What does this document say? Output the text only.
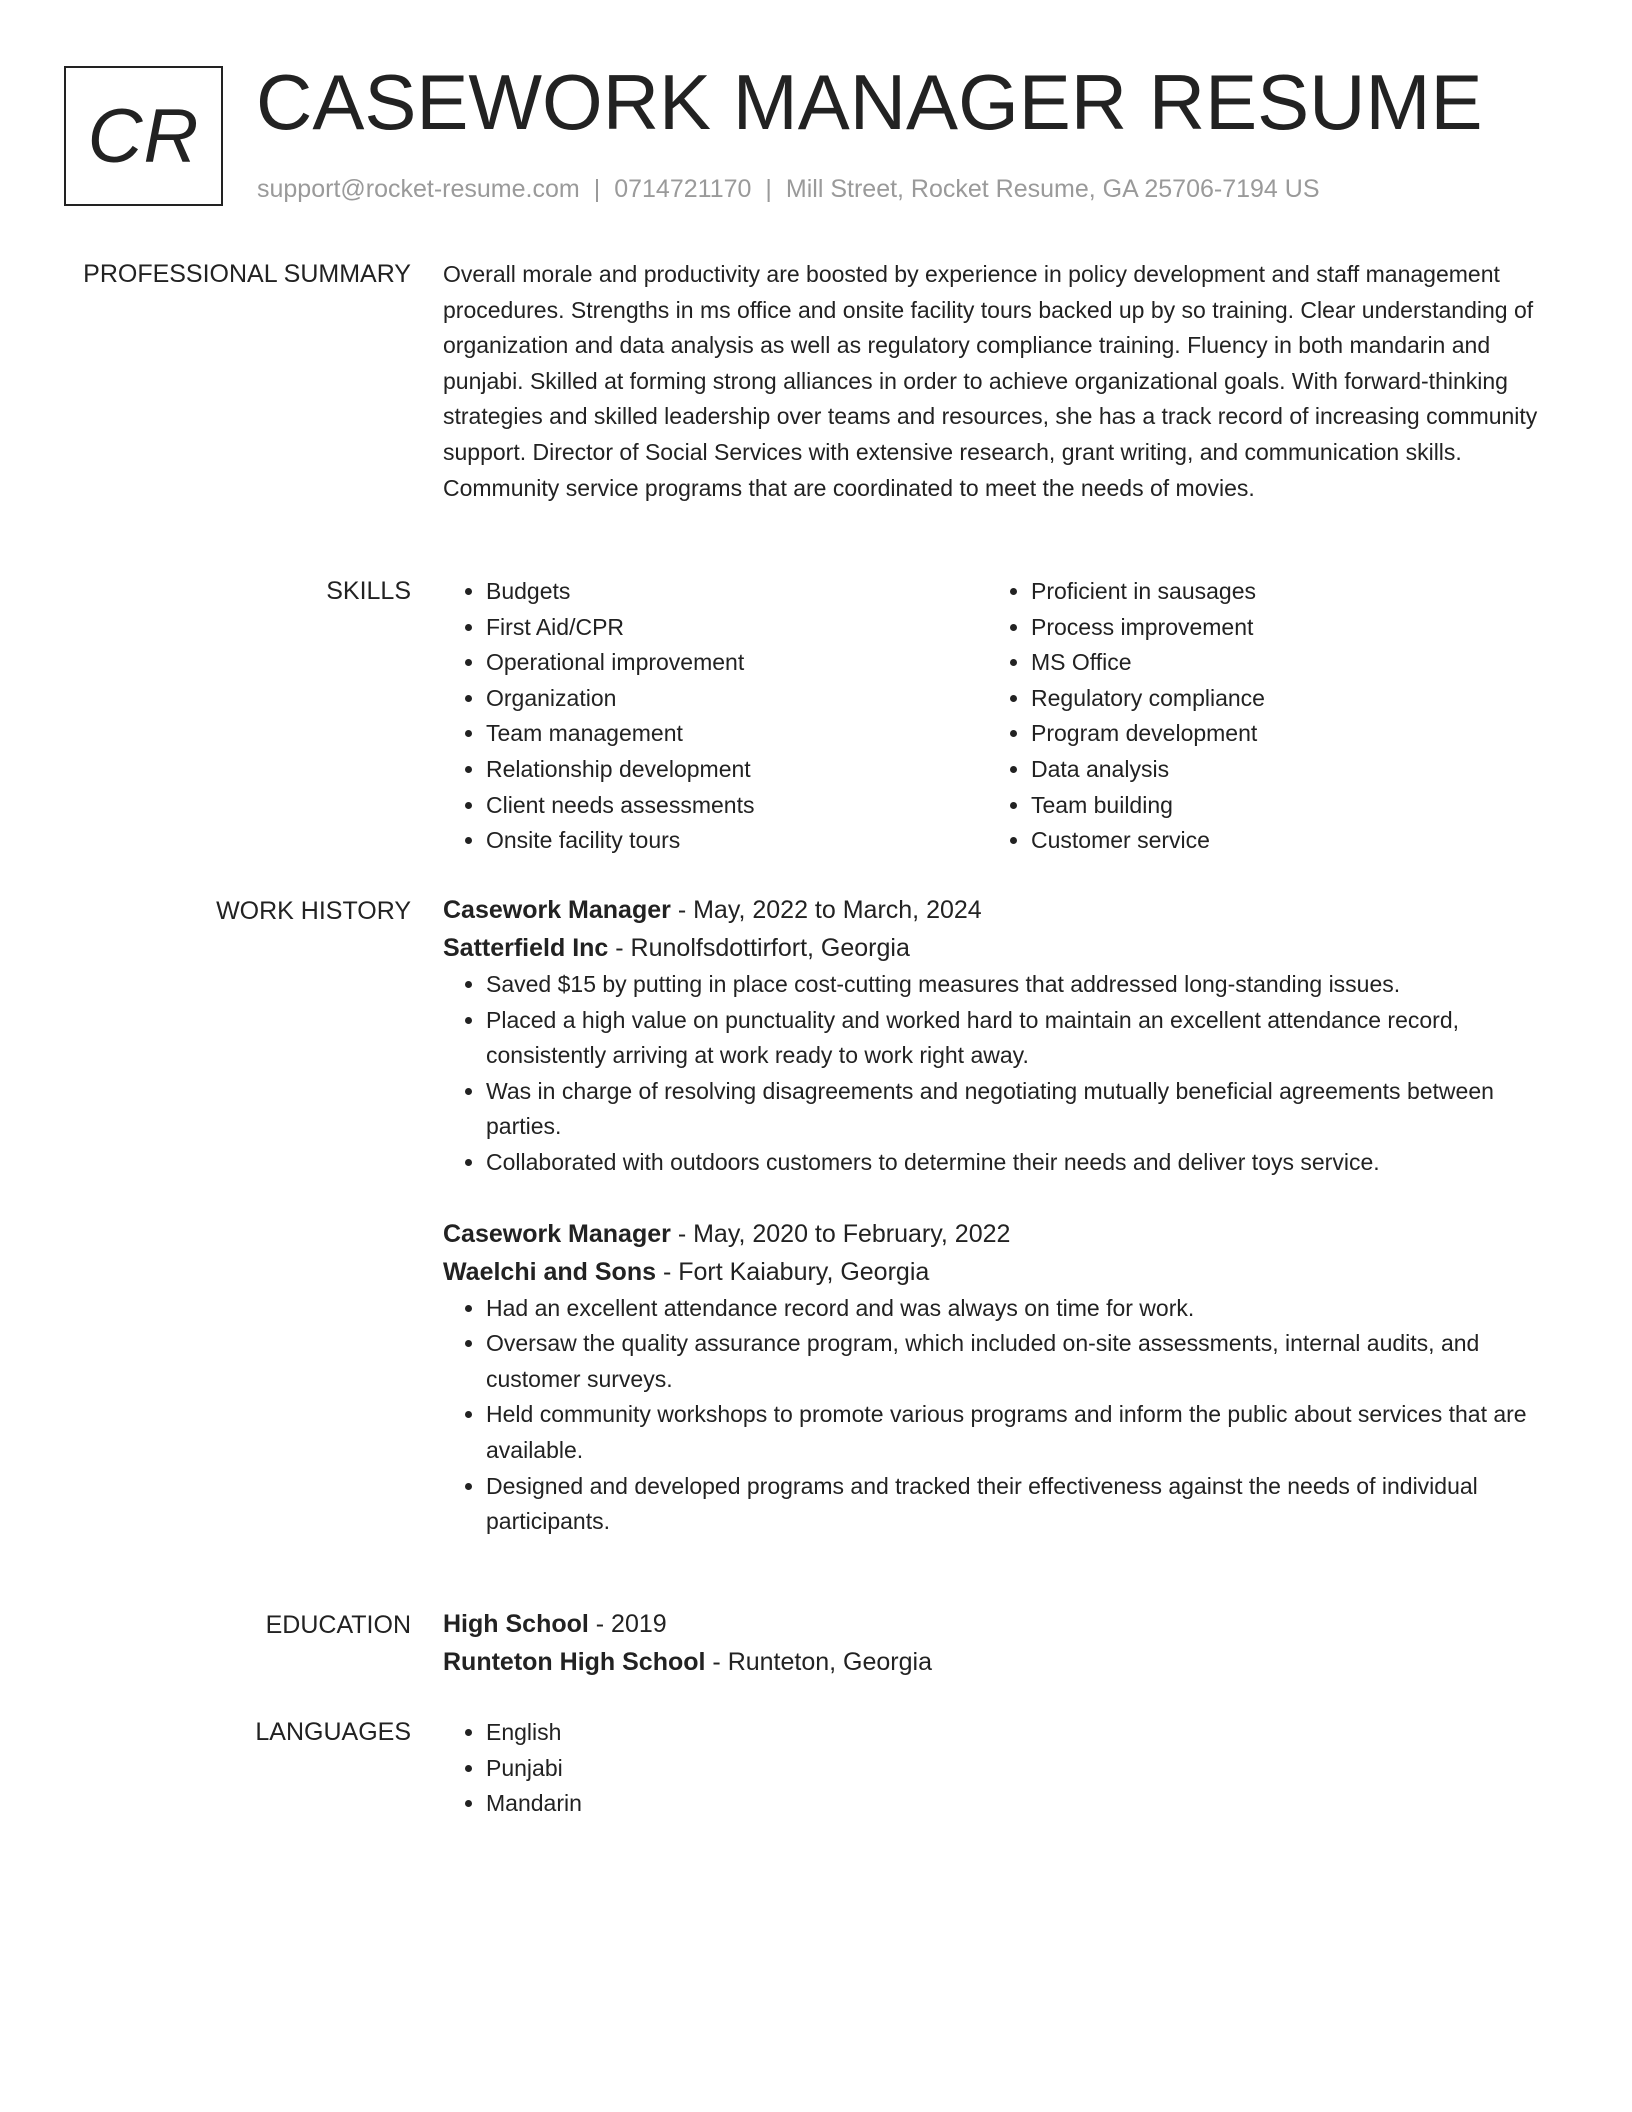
CR CASEWORK MANAGER RESUME
support@rocket-resume.com | 0714721170 | Mill Street, Rocket Resume, GA 25706-7194 US
PROFESSIONAL SUMMARY Overall morale and productivity are boosted by experience in policy development and staff management procedures. Strengths in ms office and onsite facility tours backed up by so training. Clear understanding of organization and data analysis as well as regulatory compliance training. Fluency in both mandarin and punjabi. Skilled at forming strong alliances in order to achieve organizational goals. With forward-thinking strategies and skilled leadership over teams and resources, she has a track record of increasing community support. Director of Social Services with extensive research, grant writing, and communication skills. Community service programs that are coordinated to meet the needs of movies.

SKILLS	• Budgets
• First Aid/CPR
• Operational improvement
• Organization
• Team management
• Relationship development
• Client needs assessments
• Onsite facility tours
• Proficient in sausages
• Process improvement
• MS Office
• Regulatory compliance
• Program development
• Data analysis
• Team building
• Customer service
WORK HISTORY Casework Manager - May, 2022 to March, 2024
Satterfield Inc - Runolfsdottirfort, Georgia
• Saved $15 by putting in place cost-cutting measures that addressed long-standing issues.
• Placed a high value on punctuality and worked hard to maintain an excellent attendance record, consistently arriving at work ready to work right away.
• Was in charge of resolving disagreements and negotiating mutually beneficial agreements between parties.
• Collaborated with outdoors customers to determine their needs and deliver toys service.
Casework Manager - May, 2020 to February, 2022
Waelchi and Sons - Fort Kaiabury, Georgia
• Had an excellent attendance record and was always on time for work.
• Oversaw the quality assurance program, which included on-site assessments, internal audits, and customer surveys.
• Held community workshops to promote various programs and inform the public about services that are available.
• Designed and developed programs and tracked their effectiveness against the needs of individual participants.
EDUCATION High School - 2019
Runteton High School - Runteton, Georgia
LANGUAGES	• English
• Punjabi
• Mandarin
